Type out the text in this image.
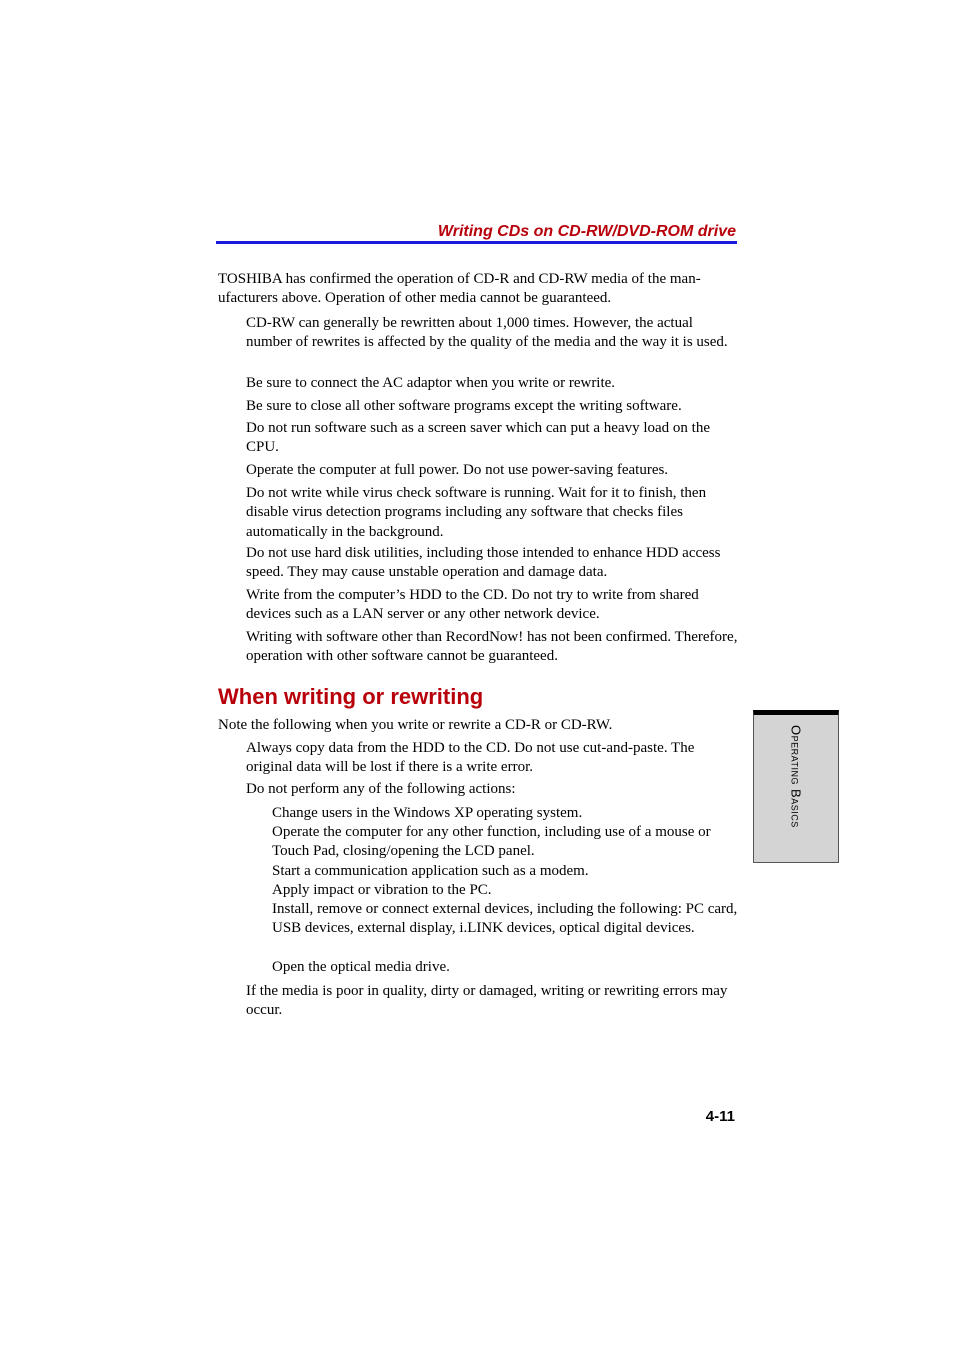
Writing CDs on CD-RW/DVD-ROM drive

TOSHIBA has confirmed the operation of CD-R and CD-RW media of the man-ufacturers above. Operation of other media cannot be guaranteed.

CD-RW can generally be rewritten about 1,000 times. However, the actual number of rewrites is affected by the quality of the media and the way it is used.

Be sure to connect the AC adaptor when you write or rewrite.

Be sure to close all other software programs except the writing software.

Do not run software such as a screen saver which can put a heavy load on the CPU.

Operate the computer at full power. Do not use power-saving features.

Do not write while virus check software is running. Wait for it to finish, then disable virus detection programs including any software that checks files automatically in the background.

Do not use hard disk utilities, including those intended to enhance HDD access speed. They may cause unstable operation and damage data.

Write from the computer’s HDD to the CD. Do not try to write from shared devices such as a LAN server or any other network device.

Writing with software other than RecordNow! has not been confirmed. Therefore, operation with other software cannot be guaranteed.

When writing or rewriting

Note the following when you write or rewrite a CD-R or CD-RW.

Always copy data from the HDD to the CD. Do not use cut-and-paste. The original data will be lost if there is a write error.

Do not perform any of the following actions:

Change users in the Windows XP operating system.

Operate the computer for any other function, including use of a mouse or Touch Pad, closing/opening the LCD panel.

Start a communication application such as a modem.

Apply impact or vibration to the PC.

Install, remove or connect external devices, including the following: PC card, USB devices, external display, i.LINK devices, optical digital devices.

Open the optical media drive.

If the media is poor in quality, dirty or damaged, writing or rewriting errors may occur.

Operating Basics
4-11
